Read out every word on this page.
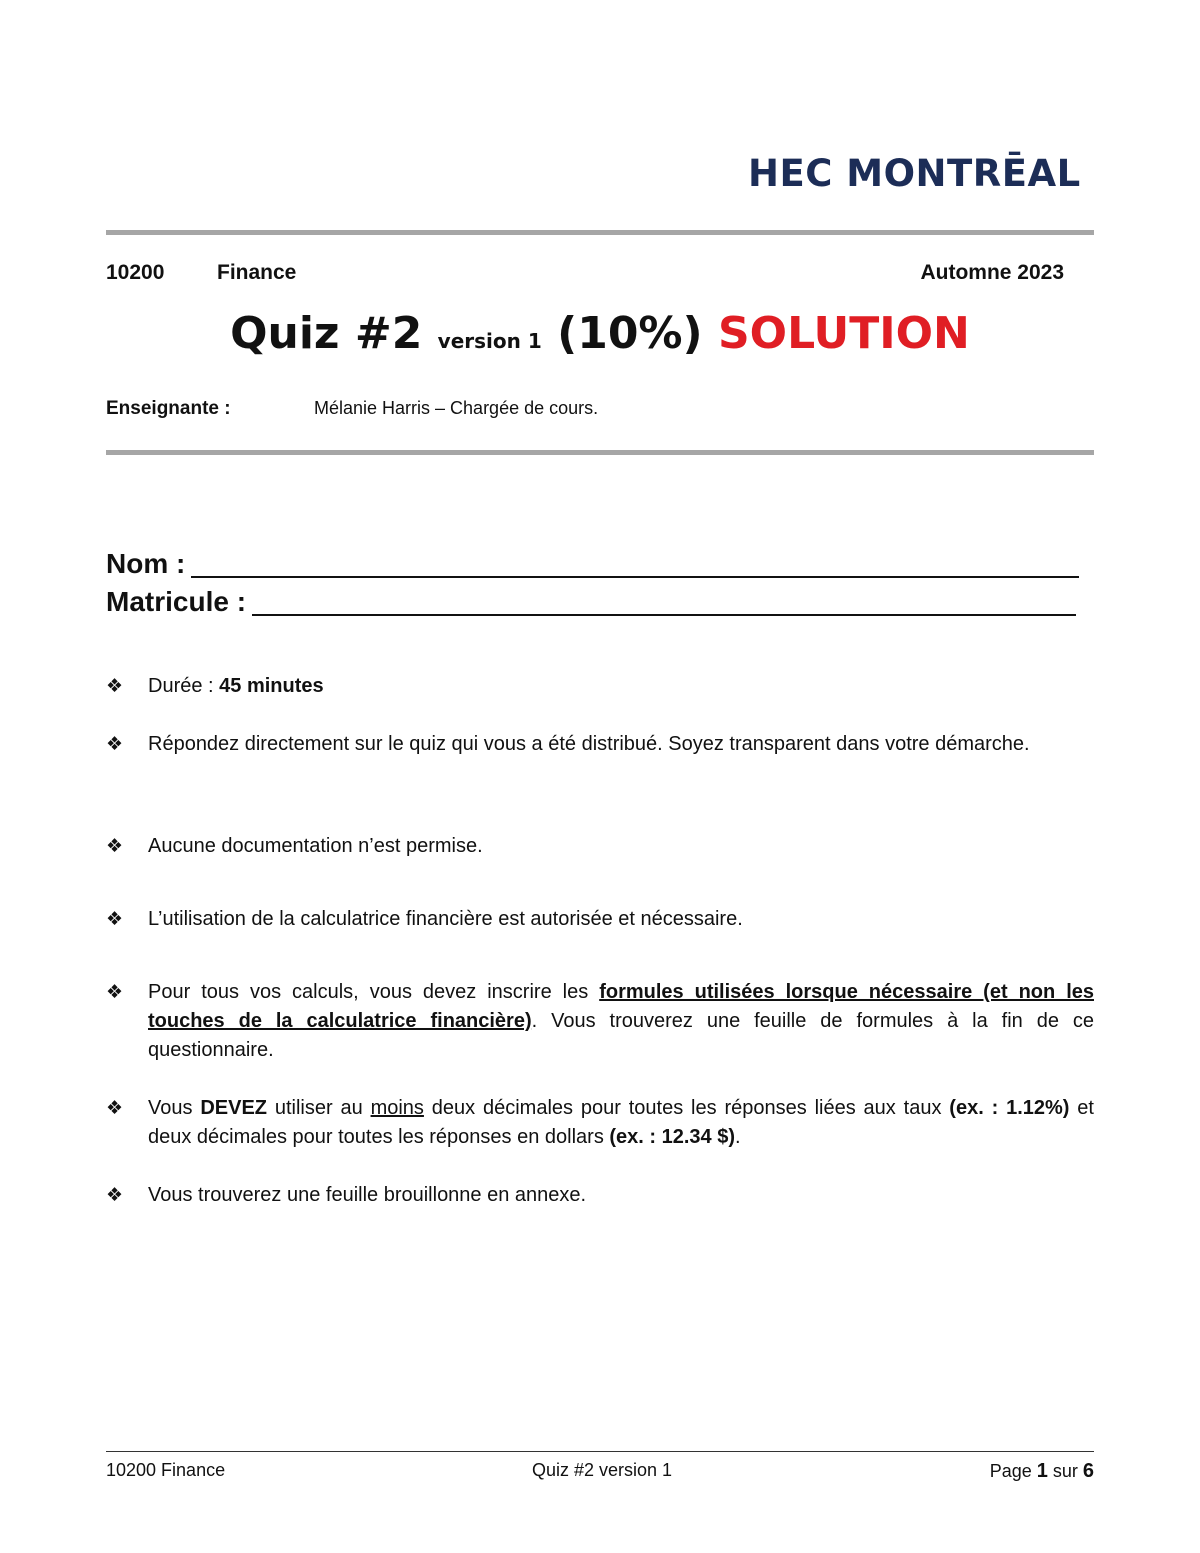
HEC MONTRĒAL
10200	Finance	Automne 2023
Quiz #2 version 1 (10%) SOLUTION
Enseignante :	Mélanie Harris – Chargée de cours.
Nom :
Matricule :
❖	Durée : 45 minutes
❖	Répondez directement sur le quiz qui vous a été distribué. Soyez transparent dans votre démarche.
❖	Aucune documentation n’est permise.
❖	L’utilisation de la calculatrice financière est autorisée et nécessaire.
❖	Pour tous vos calculs, vous devez inscrire les formules utilisées lorsque nécessaire (et non les touches de la calculatrice financière). Vous trouverez une feuille de formules à la fin de ce questionnaire.
❖	Vous DEVEZ utiliser au moins deux décimales pour toutes les réponses liées aux taux (ex. : 1.12%) et deux décimales pour toutes les réponses en dollars (ex. : 12.34 $).
❖	Vous trouverez une feuille brouillonne en annexe.
10200 Finance	Quiz #2 version 1	Page 1 sur 6
